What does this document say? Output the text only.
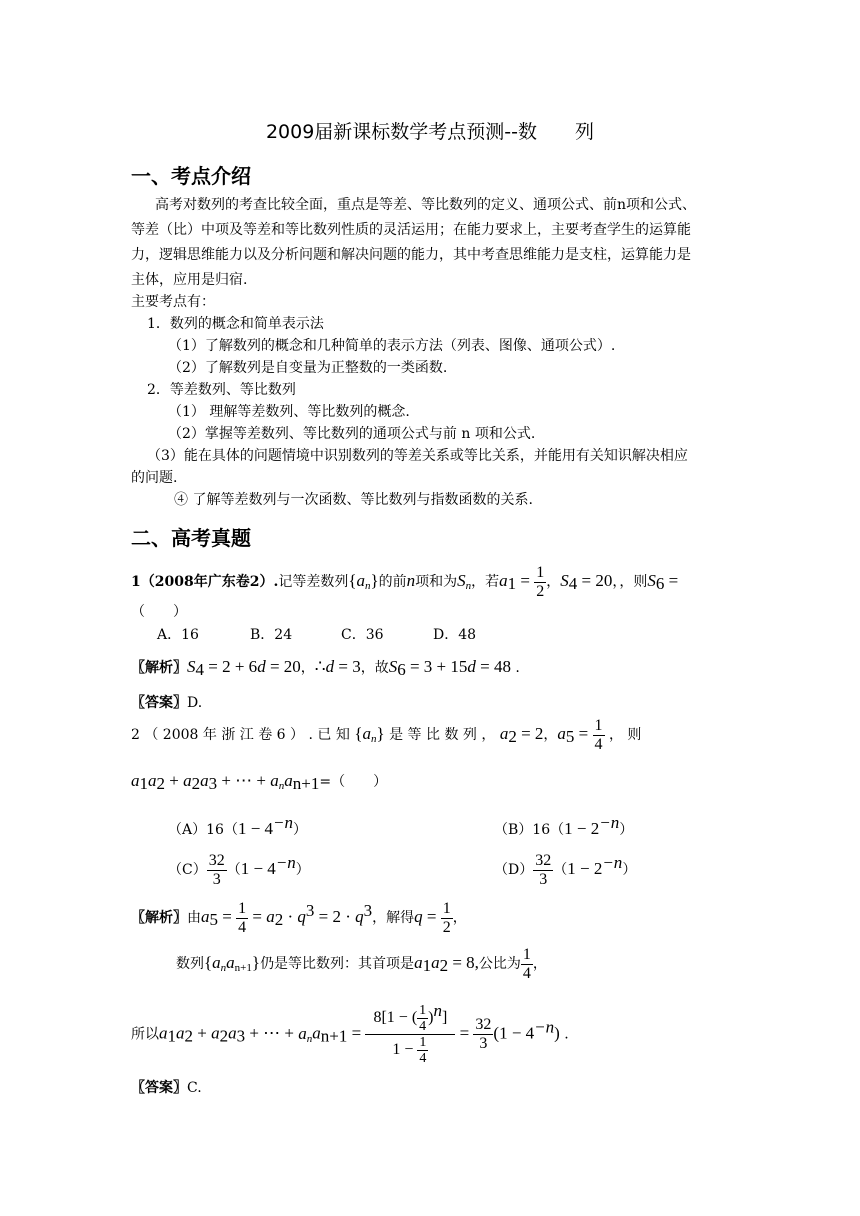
2009届新课标数学考点预测--数　　列
一、考点介绍
高考对数列的考查比较全面，重点是等差、等比数列的定义、通项公式、前n项和公式、
等差（比）中项及等差和等比数列性质的灵活运用；在能力要求上，主要考查学生的运算能
力，逻辑思维能力以及分析问题和解决问题的能力，其中考查思维能力是支柱，运算能力是
主体，应用是归宿.
主要考点有：
1．数列的概念和简单表示法
（1）了解数列的概念和几种简单的表示方法（列表、图像、通项公式）.
（2）了解数列是自变量为正整数的一类函数.
2．等差数列、等比数列
（1） 理解等差数列、等比数列的概念.
（2）掌握等差数列、等比数列的通项公式与前 n 项和公式.
（3）能在具体的问题情境中识别数列的等差关系或等比关系，并能用有关知识解决相应
的问题.
④ 了解等差数列与一次函数、等比数列与指数函数的关系.
二、高考真题
1（2008年广东卷2）.记等差数列$\{a_n\}$的前n项和为$S_n$，若$a_1 = \frac{1}{2}$ ，$S_4 = 20$，，则$S_6$ =
（　　）
A．16	B．24	C．36	D．48
〖解析〗$S_4 = 2 + 6d = 20$，∴d = 3，故$S_6 = 3 + 15d = 48$ .
〖答案〗D.
2 （ 2008 年 浙 江 卷 6 ） . 已 知 $\{a_n\}$ 是 等 比 数 列 ， $a_2 = 2$，$a_5 = \frac{1}{4}$ ， 则
$a_1a_2 + a_2a_3$ + ⋯ + $a_na_{n+1}=$（　　）
$(A)16(1 - 4^{-n})$	$(B)16(1 - 2^{-n})$
$(C) \frac{32}{3} (1 - 4^{-n})$	$(D) \frac{32}{3} (1 - 2^{-n})$
〖解析〗由$a_5 = \frac{1}{4} = a_2 \cdot q^3 = 2 \cdot q^3$，解得$q = \frac{1}{2}$ ，
数列$\{a_na_{n+1}\}$仍是等比数列：其首项是$a_1a_2 = 8$,公比为 $\frac{1}{4}$ ，
所以$a_1a_2 + a_2a_3$ + ⋯ + $a_na_{n+1} = \frac{8[1 - ( \frac{1}{4} )^n]}{1 - \frac{1}{4}} = \frac{32}{3} (1 - 4^{-n})$ .
〖答案〗C.
